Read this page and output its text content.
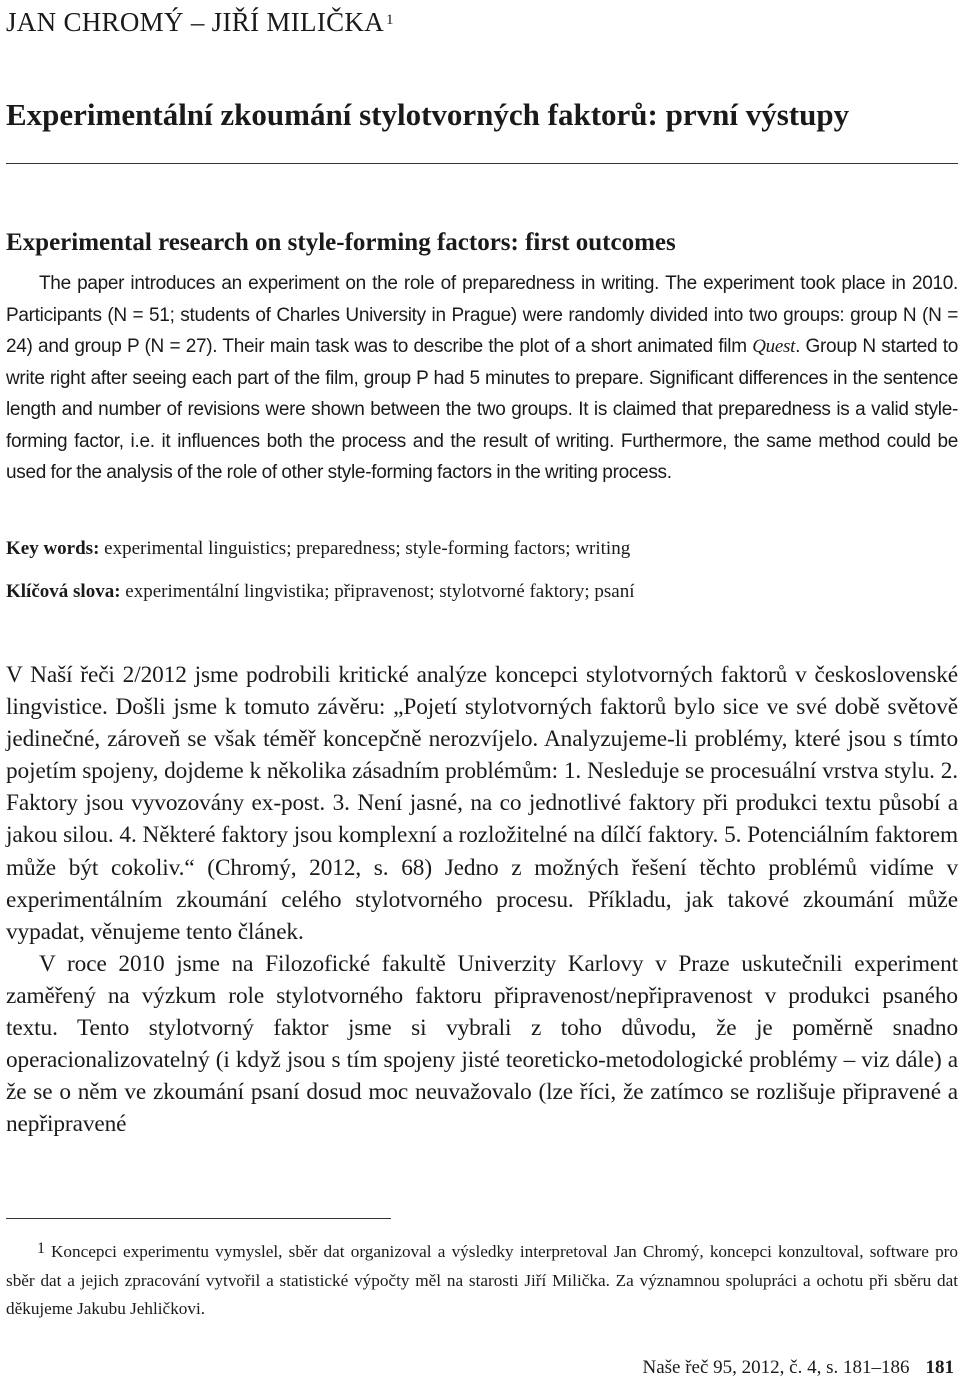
JAN CHROMÝ – JIŘÍ MILIČKA $^1$
Experimentální zkoumání stylotvorných faktorů: první výstupy
Experimental research on style-forming factors: first outcomes
The paper introduces an experiment on the role of preparedness in writing. The experiment took place in 2010. Participants (N = 51; students of Charles University in Prague) were randomly divided into two groups: group N (N = 24) and group P (N = 27). Their main task was to describe the plot of a short animated film Quest. Group N started to write right after seeing each part of the film, group P had 5 minutes to prepare. Significant differences in the sentence length and number of revisions were shown between the two groups. It is claimed that preparedness is a valid style-forming factor, i.e. it influences both the process and the result of writing. Furthermore, the same method could be used for the analysis of the role of other style-forming factors in the writing process.
Key words: experimental linguistics; preparedness; style-forming factors; writing
Klíčová slova: experimentální lingvistika; připravenost; stylotvorné faktory; psaní

V Naší řeči 2/2012 jsme podrobili kritické analýze koncepci stylotvorných faktorů v československé lingvistice. Došli jsme k tomuto závěru: „Pojetí stylotvorných faktorů bylo sice ve své době světově jedinečné, zároveň se však téměř koncepčně nerozvíjelo. Analyzujeme-li problémy, které jsou s tímto pojetím spojeny, dojdeme k několika zásadním problémům: 1. Nesleduje se procesuální vrstva stylu. 2. Faktory jsou vyvozovány ex-post. 3. Není jasné, na co jednotlivé faktory při produkci textu působí a jakou silou. 4. Některé faktory jsou komplexní a rozložitelné na dílčí faktory. 5. Potenciálním faktorem může být cokoliv.“ (Chromý, 2012, s. 68) Jedno z možných řešení těchto problémů vidíme v experimentálním zkoumání celého stylotvorného procesu. Příkladu, jak takové zkoumání může vypadat, věnujeme tento článek.

V roce 2010 jsme na Filozofické fakultě Univerzity Karlovy v Praze uskutečnili experiment zaměřený na výzkum role stylotvorného faktoru připravenost/nepřipravenost v produkci psaného textu. Tento stylotvorný faktor jsme si vybrali z toho důvodu, že je poměrně snadno operacionalizovatelný (i když jsou s tím spojeny jisté teoreticko-metodologické problémy – viz dále) a že se o něm ve zkoumání psaní dosud moc neuvažovalo (lze říci, že zatímco se rozlišuje připravené a nepřipravené

1 Koncepci experimentu vymyslel, sběr dat organizoval a výsledky interpretoval Jan Chromý, koncepci konzultoval, software pro sběr dat a jejich zpracování vytvořil a statistické výpočty měl na starosti Jiří Milička. Za významnou spolupráci a ochotu při sběru dat děkujeme Jakubu Jehličkovi.
Naše řeč 95, 2012, č. 4, s. 181–186 181
